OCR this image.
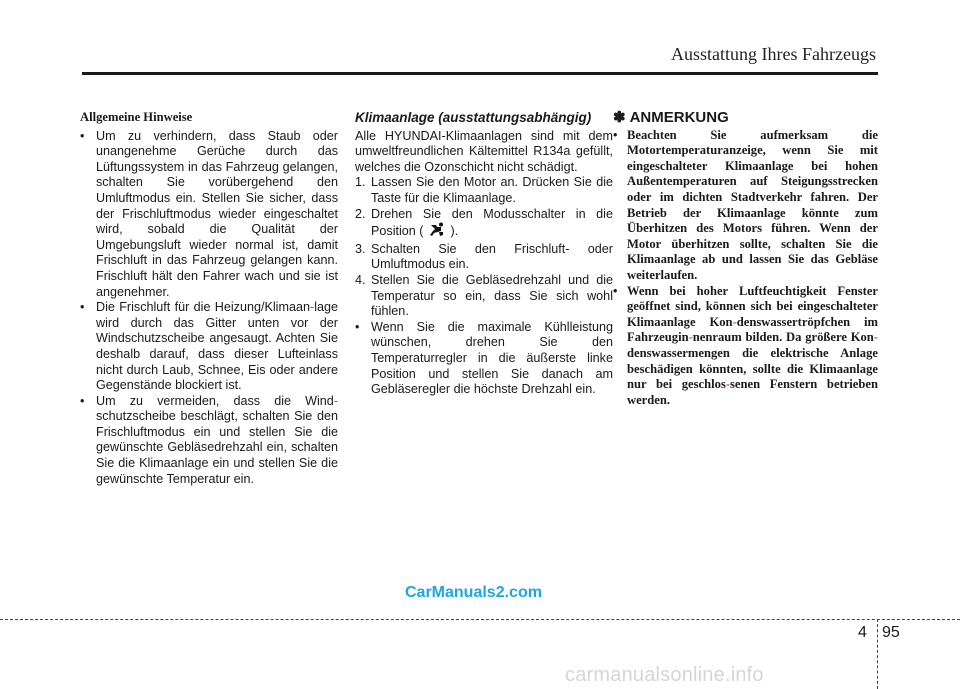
Ausstattung Ihres Fahrzeugs
Allgemeine Hinweise
• Um zu verhindern, dass Staub oder unangenehme Gerüche durch das Lüftungssystem in das Fahrzeug gelangen, schalten Sie vorübergehend den Umluftmodus ein. Stellen Sie sicher, dass der Frischluftmodus wieder eingeschaltet wird, sobald die Qualität der Umgebungsluft wieder normal ist, damit Frischluft in das Fahrzeug gelangen kann. Frischluft hält den Fahrer wach und sie ist angenehmer.
• Die Frischluft für die Heizung/Klimaan-lage wird durch das Gitter unten vor der Windschutzscheibe angesaugt. Achten Sie deshalb darauf, dass dieser Lufteinlass nicht durch Laub, Schnee, Eis oder andere Gegenstände blockiert ist.
• Um zu vermeiden, dass die Wind-schutzscheibe beschlägt, schalten Sie den Frischluftmodus ein und stellen Sie die gewünschte Gebläsedrehzahl ein, schalten Sie die Klimaanlage ein und stellen Sie die gewünschte Temperatur ein.
Klimaanlage (ausstattungsabhängig)

Alle HYUNDAI-Klimaanlagen sind mit dem umweltfreundlichen Kältemittel R134a gefüllt, welches die Ozonschicht nicht schädigt.

1. Lassen Sie den Motor an. Drücken Sie die Taste für die Klimaanlage.
2. Drehen Sie den Modusschalter in die Position ( ).
3. Schalten Sie den Frischluft- oder Umluftmodus ein.
4. Stellen Sie die Gebläsedrehzahl und die Temperatur so ein, dass Sie sich wohl fühlen.
• Wenn Sie die maximale Kühlleistung wünschen, drehen Sie den Temperaturregler in die äußerste linke Position und stellen Sie danach am Gebläseregler die höchste Drehzahl ein.
✽ ANMERKUNG
• Beachten Sie aufmerksam die Motortemperaturanzeige, wenn Sie mit eingeschalteter Klimaanlage bei hohen Außentemperaturen auf Steigungsstrecken oder im dichten Stadtverkehr fahren. Der Betrieb der Klimaanlage könnte zum Überhitzen des Motors führen. Wenn der Motor überhitzen sollte, schalten Sie die Klimaanlage ab und lassen Sie das Gebläse weiterlaufen.
• Wenn bei hoher Luftfeuchtigkeit Fenster geöffnet sind, können sich bei eingeschalteter Klimaanlage Kon-denswassertröpfchen im Fahrzeugin-nenraum bilden. Da größere Kon-denswassermengen die elektrische Anlage beschädigen könnten, sollte die Klimaanlage nur bei geschlos-senen Fenstern betrieben werden.
CarManuals2.com
4 95
carmanualsonline.info
